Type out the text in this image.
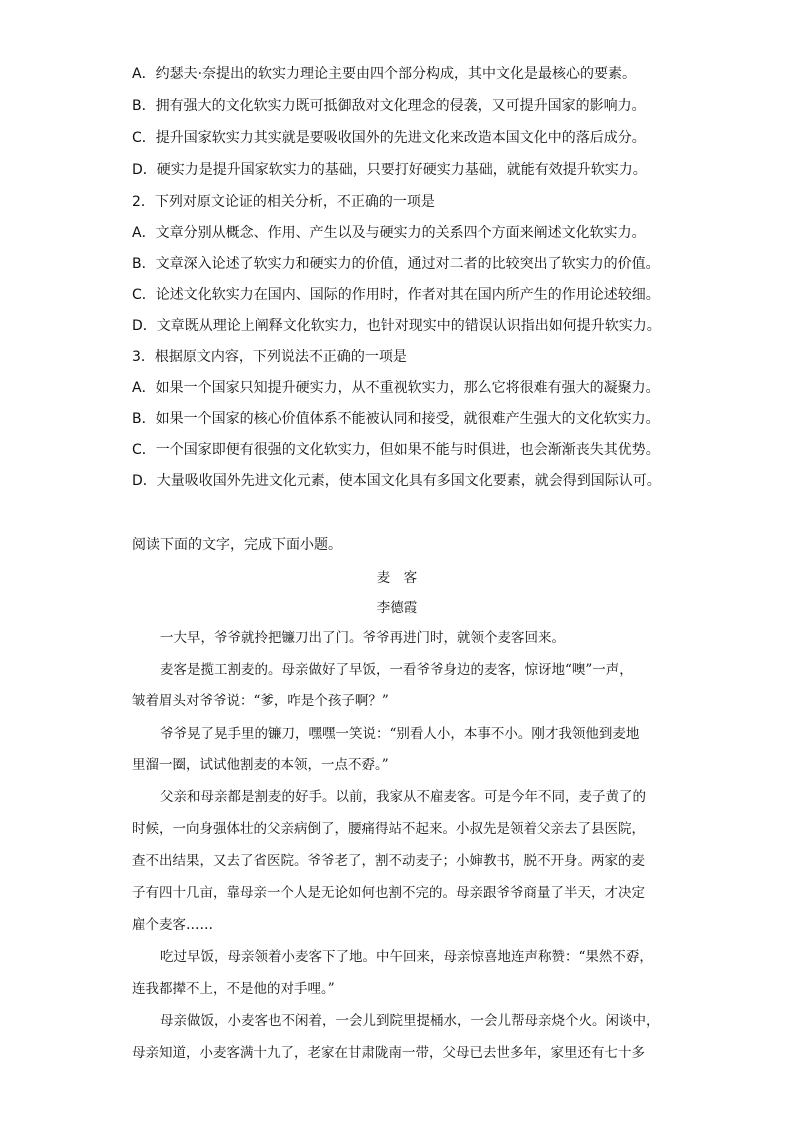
A．约瑟夫·奈提出的软实力理论主要由四个部分构成，其中文化是最核心的要素。
B．拥有强大的文化软实力既可抵御敌对文化理念的侵袭，又可提升国家的影响力。
C．提升国家软实力其实就是要吸收国外的先进文化来改造本国文化中的落后成分。
D．硬实力是提升国家软实力的基础，只要打好硬实力基础，就能有效提升软实力。
2．下列对原文论证的相关分析，不正确的一项是
A．文章分别从概念、作用、产生以及与硬实力的关系四个方面来阐述文化软实力。
B．文章深入论述了软实力和硬实力的价值，通过对二者的比较突出了软实力的价值。
C．论述文化软实力在国内、国际的作用时，作者对其在国内所产生的作用论述较细。
D．文章既从理论上阐释文化软实力，也针对现实中的错误认识指出如何提升软实力。
3．根据原文内容，下列说法不正确的一项是
A．如果一个国家只知提升硬实力，从不重视软实力，那么它将很难有强大的凝聚力。
B．如果一个国家的核心价值体系不能被认同和接受，就很难产生强大的文化软实力。
C．一个国家即便有很强的文化软实力，但如果不能与时俱进，也会渐渐丧失其优势。
D．大量吸收国外先进文化元素，使本国文化具有多国文化要素，就会得到国际认可。
阅读下面的文字，完成下面小题。
麦　客
李德霞
一大早，爷爷就拎把镰刀出了门。爷爷再进门时，就领个麦客回来。
麦客是揽工割麦的。母亲做好了早饭，一看爷爷身边的麦客，惊讶地“噢”一声，
皱着眉头对爷爷说：“爹，咋是个孩子啊？”
爷爷晃了晃手里的镰刀，嘿嘿一笑说：“别看人小，本事不小。刚才我领他到麦地
里溜一圈，试试他割麦的本领，一点不孬。”
父亲和母亲都是割麦的好手。以前，我家从不雇麦客。可是今年不同，麦子黄了的
时候，一向身强体壮的父亲病倒了，腰痛得站不起来。小叔先是领着父亲去了县医院，
查不出结果，又去了省医院。爷爷老了，割不动麦子；小婶教书，脱不开身。两家的麦
子有四十几亩，靠母亲一个人是无论如何也割不完的。母亲跟爷爷商量了半天，才决定
雇个麦客……
吃过早饭，母亲领着小麦客下了地。中午回来，母亲惊喜地连声称赞：“果然不孬，
连我都撵不上，不是他的对手哩。”
母亲做饭，小麦客也不闲着，一会儿到院里提桶水，一会儿帮母亲烧个火。闲谈中，
母亲知道，小麦客满十九了，老家在甘肃陇南一带，父母已去世多年，家里还有七十多
